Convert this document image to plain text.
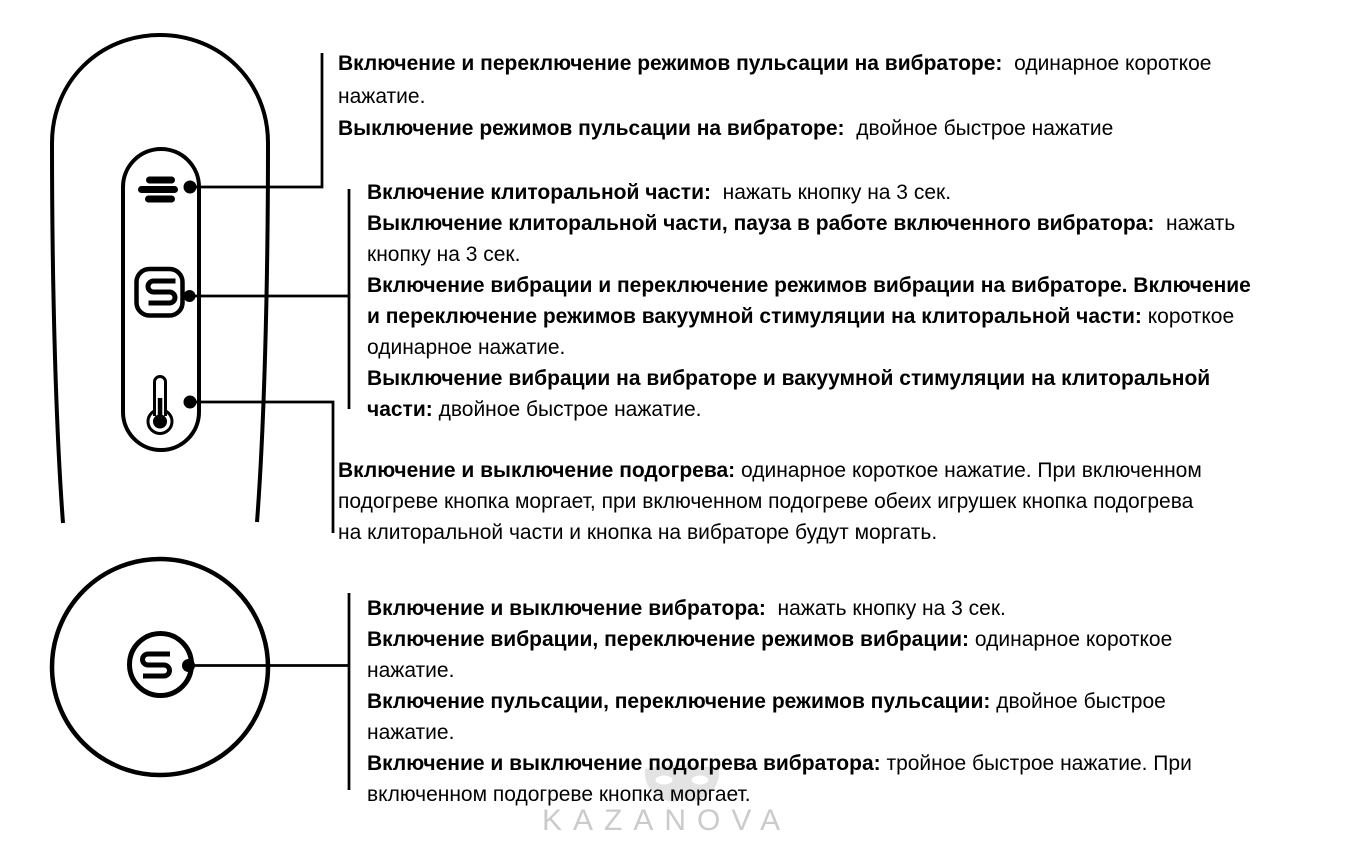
Включение и переключение режимов пульсации на вибраторе:  одинарное короткое
нажатие.
Выключение режимов пульсации на вибраторе:  двойное быстрое нажатие
Включение клиторальной части:  нажать кнопку на 3 сек.
Выключение клиторальной части, пауза в работе включенного вибратора:  нажать
кнопку на 3 сек.
Включение вибрации и переключение режимов вибрации на вибраторе. Включение
и переключение режимов вакуумной стимуляции на клиторальной части: короткое
одинарное нажатие.
Выключение вибрации на вибраторе и вакуумной стимуляции на клиторальной
части: двойное быстрое нажатие.
Включение и выключение подогрева: одинарное короткое нажатие. При включенном
подогреве кнопка моргает, при включенном подогреве обеих игрушек кнопка подогрева
на клиторальной части и кнопка на вибраторе будут моргать.
Включение и выключение вибратора:  нажать кнопку на 3 сек.
Включение вибрации, переключение режимов вибрации: одинарное короткое
нажатие.
Включение пульсации, переключение режимов пульсации: двойное быстрое
нажатие.
Включение и выключение подогрева вибратора: тройное быстрое нажатие. При
включенном подогреве кнопка моргает.
KAZANOVA
